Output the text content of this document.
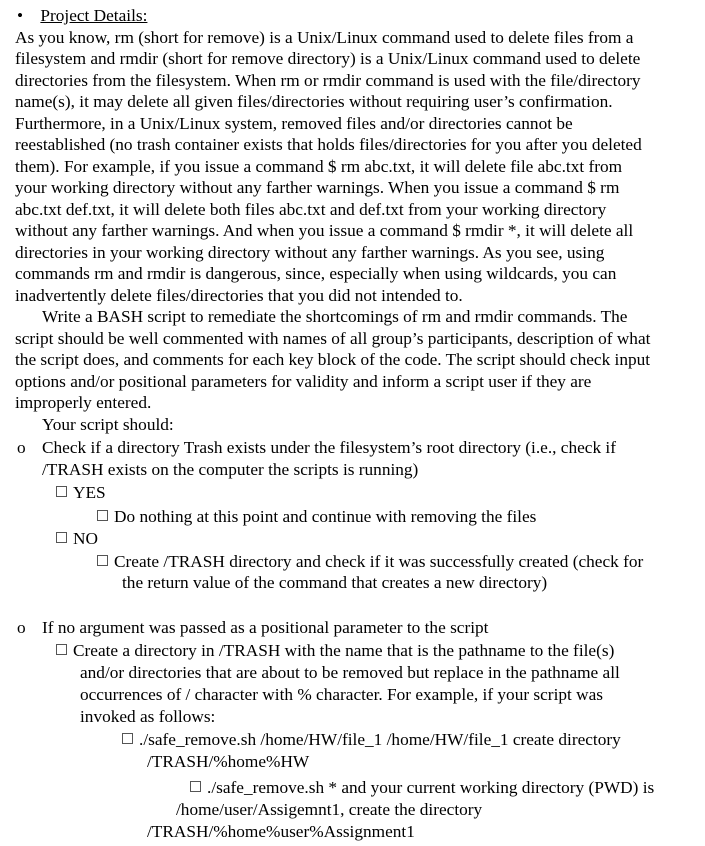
• Project Details:
As you know, rm (short for remove) is a Unix/Linux command used to delete files from a
filesystem and rmdir (short for remove directory) is a Unix/Linux command used to delete
directories from the filesystem. When rm or rmdir command is used with the file/directory
name(s), it may delete all given files/directories without requiring user’s confirmation.
Furthermore, in a Unix/Linux system, removed files and/or directories cannot be
reestablished (no trash container exists that holds files/directories for you after you deleted
them). For example, if you issue a command $ rm abc.txt, it will delete file abc.txt from
your working directory without any farther warnings. When you issue a command $ rm
abc.txt def.txt, it will delete both files abc.txt and def.txt from your working directory
without any farther warnings. And when you issue a command $ rmdir *, it will delete all
directories in your working directory without any farther warnings. As you see, using
commands rm and rmdir is dangerous, since, especially when using wildcards, you can
inadvertently delete files/directories that you did not intended to.
Write a BASH script to remediate the shortcomings of rm and rmdir commands. The
script should be well commented with names of all group’s participants, description of what
the script does, and comments for each key block of the code. The script should check input
options and/or positional parameters for validity and inform a script user if they are
improperly entered.
Your script should:
o Check if a directory Trash exists under the filesystem’s root directory (i.e., check if
/TRASH exists on the computer the scripts is running)
YES
Do nothing at this point and continue with removing the files
NO
Create /TRASH directory and check if it was successfully created (check for
the return value of the command that creates a new directory)
o If no argument was passed as a positional parameter to the script
Create a directory in /TRASH with the name that is the pathname to the file(s)
and/or directories that are about to be removed but replace in the pathname all
occurrences of / character with % character. For example, if your script was
invoked as follows:
./safe_remove.sh /home/HW/file_1 /home/HW/file_1 create directory
/TRASH/%home%HW
./safe_remove.sh * and your current working directory (PWD) is
/home/user/Assigemnt1, create the directory
/TRASH/%home%user%Assignment1
